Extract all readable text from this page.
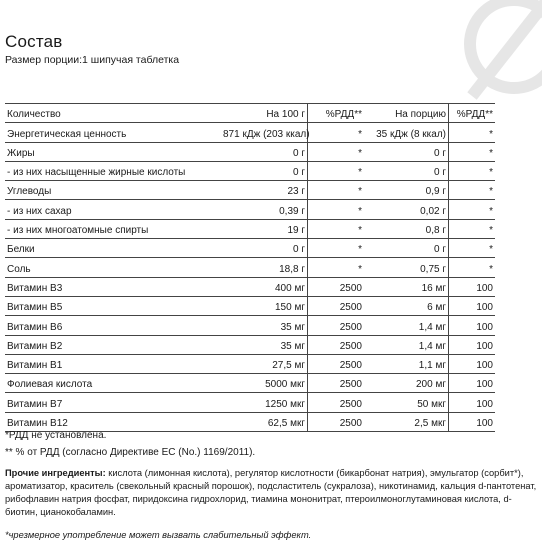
Состав
Размер порции:1 шипучая таблетка
Количество	На 100 г	%РДД**	На порцию	%РДД**
Энергетическая ценность	871 кДж (203 ккал)	*	35 кДж (8 ккал)	*
Жиры	0 г	*	0 г	*
- из них насыщенные жирные кислоты	0 г	*	0 г	*
Углеводы	23 г	*	0,9 г	*
- из них сахар	0,39 г	*	0,02 г	*
- из них многоатомные спирты	19 г	*	0,8 г	*
Белки	0 г	*	0 г	*
Соль	18,8 г	*	0,75 г	*
Витамин B3	400 мг	2500	16 мг	100
Витамин B5	150 мг	2500	6 мг	100
Витамин B6	35 мг	2500	1,4 мг	100
Витамин B2	35 мг	2500	1,4 мг	100
Витамин B1	27,5 мг	2500	1,1 мг	100
Фолиевая кислота	5000 мкг	2500	200 мг	100
Витамин B7	1250 мкг	2500	50 мкг	100
Витамин B12	62,5 мкг	2500	2,5 мкг	100
*РДД не установлена.
** % от РДД (согласно Директиве ЕС (No.) 1169/2011).
Прочие ингредиенты: кислота (лимонная кислота), регулятор кислотности (бикарбонат натрия), эмульгатор (сорбит*), ароматизатор, краситель (свекольный красный порошок), подсластитель (сукралоза), никотинамид, кальция d-пантотенат, рибофлавин натрия фосфат, пиридоксина гидрохлорид, тиамина мононитрат, птероилмоноглутаминовая кислота, d-биотин, цианокобаламин.
*чрезмерное употребление может вызвать слабительный эффект.
